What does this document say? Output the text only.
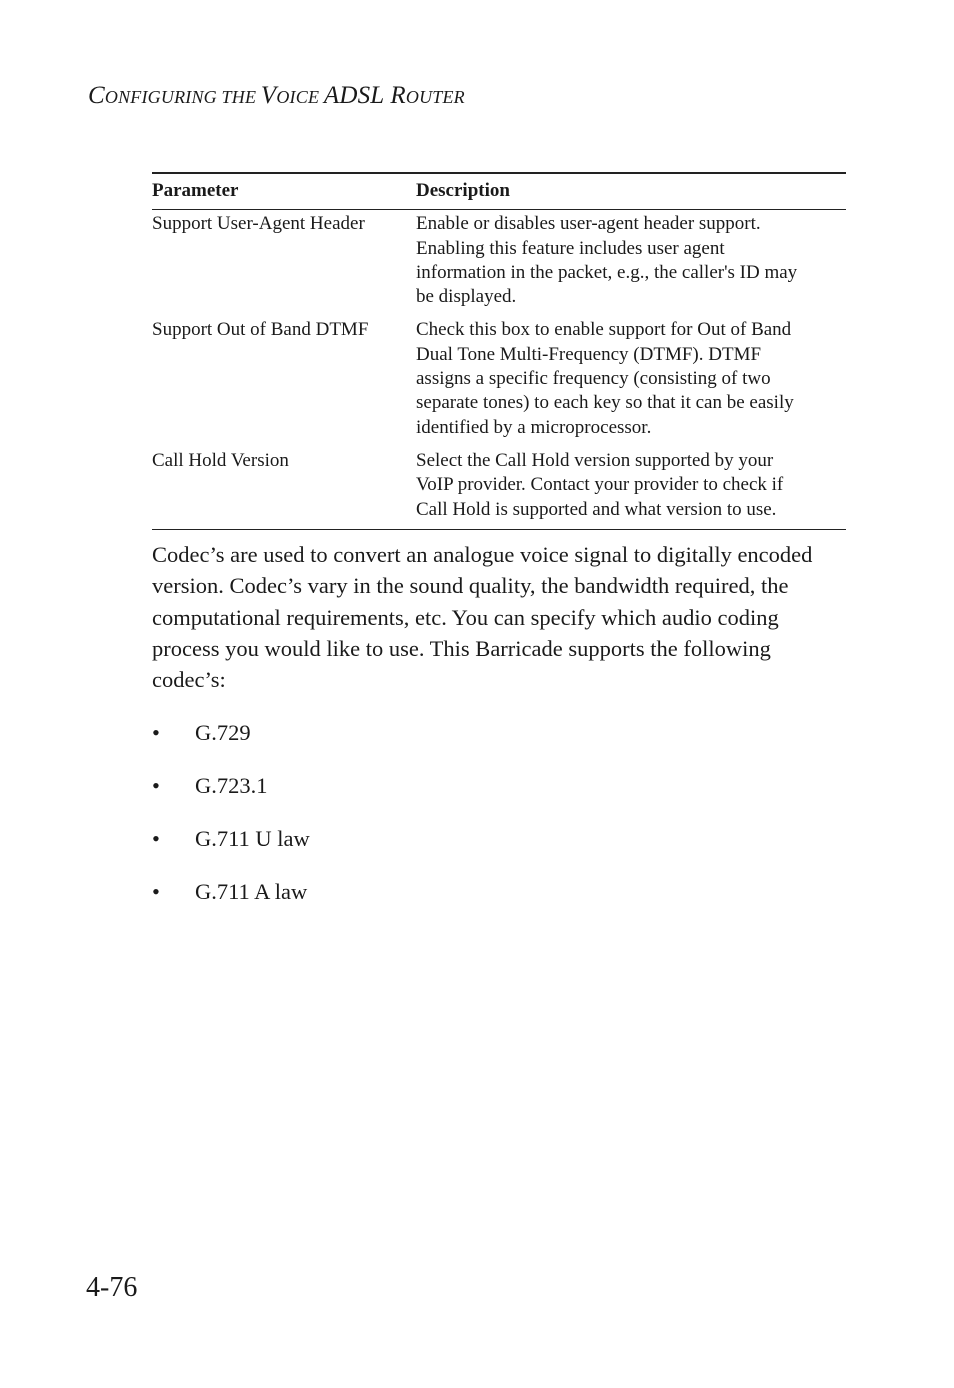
CONFIGURING THE VOICE ADSL ROUTER
Parameter	Description
Support User-Agent Header	Enable or disables user-agent header support.
Enabling this feature includes user agent
information in the packet, e.g., the caller's ID may
be displayed.
Support Out of Band DTMF	Check this box to enable support for Out of Band
Dual Tone Multi-Frequency (DTMF). DTMF
assigns a specific frequency (consisting of two
separate tones) to each key so that it can be easily
identified by a microprocessor.
Call Hold Version	Select the Call Hold version supported by your
VoIP provider. Contact your provider to check if
Call Hold is supported and what version to use.
Codec’s are used to convert an analogue voice signal to digitally encoded
version. Codec’s vary in the sound quality, the bandwidth required, the
computational requirements, etc. You can specify which audio coding
process you would like to use. This Barricade supports the following
codec’s:
• G.729
• G.723.1
• G.711 U law
• G.711 A law
4-76
